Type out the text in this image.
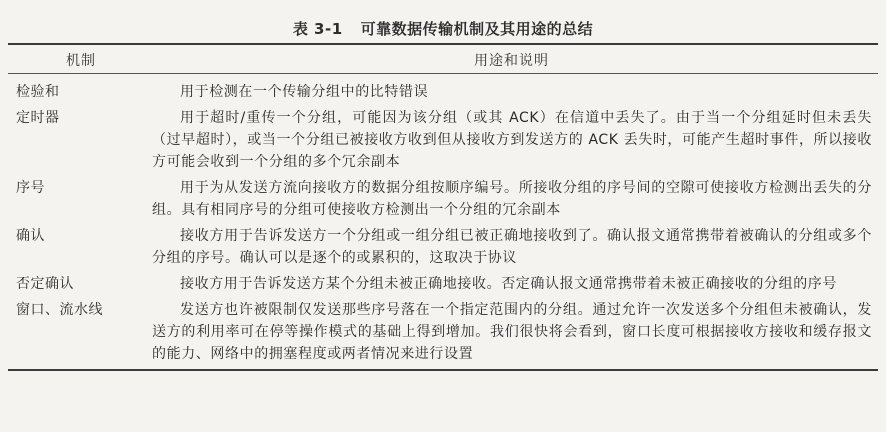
表 3-1 可靠数据传输机制及其用途的总结
机制	用途和说明
检验和	用于检测在一个传输分组中的比特错误
定时器	用于超时/重传一个分组，可能因为该分组（或其 ACK）在信道中丢失了。由于当一个分组延时但未丢失（过早超时），或当一个分组已被接收方收到但从接收方到发送方的 ACK 丢失时，可能产生超时事件，所以接收方可能会收到一个分组的多个冗余副本
序号	用于为从发送方流向接收方的数据分组按顺序编号。所接收分组的序号间的空隙可使接收方检测出丢失的分组。具有相同序号的分组可使接收方检测出一个分组的冗余副本
确认	接收方用于告诉发送方一个分组或一组分组已被正确地接收到了。确认报文通常携带着被确认的分组或多个分组的序号。确认可以是逐个的或累积的，这取决于协议
否定确认	接收方用于告诉发送方某个分组未被正确地接收。否定确认报文通常携带着未被正确接收的分组的序号
窗口、流水线	发送方也许被限制仅发送那些序号落在一个指定范围内的分组。通过允许一次发送多个分组但未被确认，发送方的利用率可在停等操作模式的基础上得到增加。我们很快将会看到，窗口长度可根据接收方接收和缓存报文的能力、网络中的拥塞程度或两者情况来进行设置
